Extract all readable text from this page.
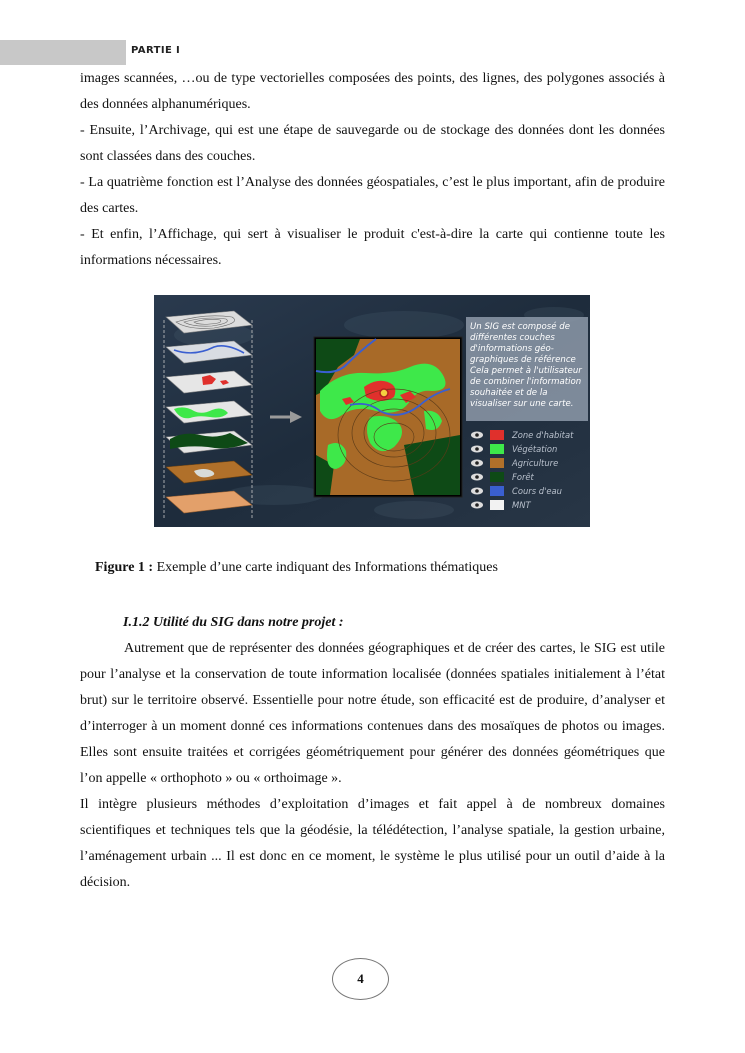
PARTIE I

images scannées, …ou de type vectorielles composées des points, des lignes, des polygones associés à des données alphanumériques.

- Ensuite, l’Archivage, qui est une étape de sauvegarde ou de stockage des données dont les données sont classées dans des couches.

- La quatrième fonction est l’Analyse des données géospatiales, c’est le plus important, afin de produire des cartes.

- Et enfin, l’Affichage, qui sert à visualiser le produit c'est-à-dire la carte qui contienne toute les informations nécessaires.

Un SIG est composé de
différentes couches
d'informations géo-
graphiques de référence
Cela permet à l'utilisateur
de combiner l'information
souhaitée et de la
visualiser sur une carte.
Zone d'habitat
Végétation
Agriculture
Forêt
Cours d'eau
MNT
Figure 1 : Exemple d’une carte indiquant des Informations thématiques
I.1.2 Utilité du SIG dans notre projet :

Autrement que de représenter des données géographiques et de créer des cartes, le SIG est utile pour l’analyse et la conservation de toute information localisée (données spatiales initialement à l’état brut) sur le territoire observé. Essentielle pour notre étude, son efficacité est de produire, d’analyser et d’interroger à un moment donné ces informations contenues dans des mosaïques de photos ou images. Elles sont ensuite traitées et corrigées géométriquement pour générer des données géométriques que l’on appelle « orthophoto » ou « orthoimage ».

Il intègre plusieurs méthodes d’exploitation d’images et fait appel à de nombreux domaines scientifiques et techniques tels que la géodésie, la télédétection, l’analyse spatiale, la gestion urbaine, l’aménagement urbain ... Il est donc en ce moment, le système le plus utilisé pour un outil d’aide à la décision.

4
